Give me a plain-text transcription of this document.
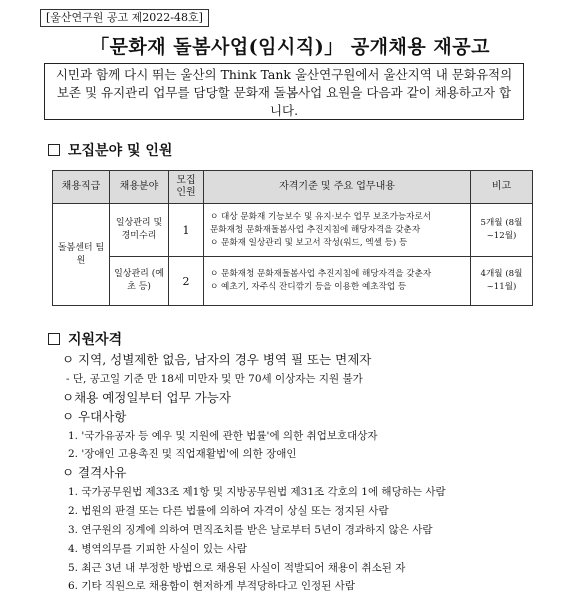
[울산연구원 공고 제2022-48호]
「문화재 돌봄사업(임시직)」 공개채용 재공고
시민과 함께 다시 뛰는 울산의 Think Tank 울산연구원에서 울산지역 내 문화유적의 보존 및 유지관리 업무를 담당할 문화재 돌봄사업 요원을 다음과 같이 채용하고자 합니다.
모집분야 및 인원
채용직급	채용분야	모집 인원	자격기준 및 주요 업무내용	비고
돌봄센터 팀원	일상관리 및 경미수리	1	ㅇ 대상 문화재 기능보수 및 유지·보수 업무 보조가능자로서
문화재청 문화재돌봄사업 추진지침에 해당자격을 갖춘자
ㅇ 문화재 일상관리 및 보고서 작성(워드, 엑셀 등) 등	5개월 (8월~12월)
	일상관리 (예초 등)	2	ㅇ 문화재청 문화재돌봄사업 추진지침에 해당자격을 갖춘자
ㅇ 예초기, 자주식 잔디깎기 등을 이용한 예초작업 등	4개월 (8월~11월)
지원자격
ㅇ 지역, 성별제한 없음, 남자의 경우 병역 필 또는 면제자
- 단, 공고일 기준 만 18세 미만자 및 만 70세 이상자는 지원 불가
ㅇ채용 예정일부터 업무 가능자
ㅇ 우대사항
1. '국가유공자 등 예우 및 지원에 관한 법률'에 의한 취업보호대상자
2. '장애인 고용촉진 및 직업재활법'에 의한 장애인
ㅇ 결격사유
1. 국가공무원법 제33조 제1항 및 지방공무원법 제31조 각호의 1에 해당하는 사람
2. 법원의 판결 또는 다른 법률에 의하여 자격이 상실 또는 정지된 사람
3. 연구원의 징계에 의하여 면직조치를 받은 날로부터 5년이 경과하지 않은 사람
4. 병역의무를 기피한 사실이 있는 사람
5. 최근 3년 내 부정한 방법으로 채용된 사실이 적발되어 채용이 취소된 자
6. 기타 직원으로 채용함이 현저하게 부적당하다고 인정된 사람
